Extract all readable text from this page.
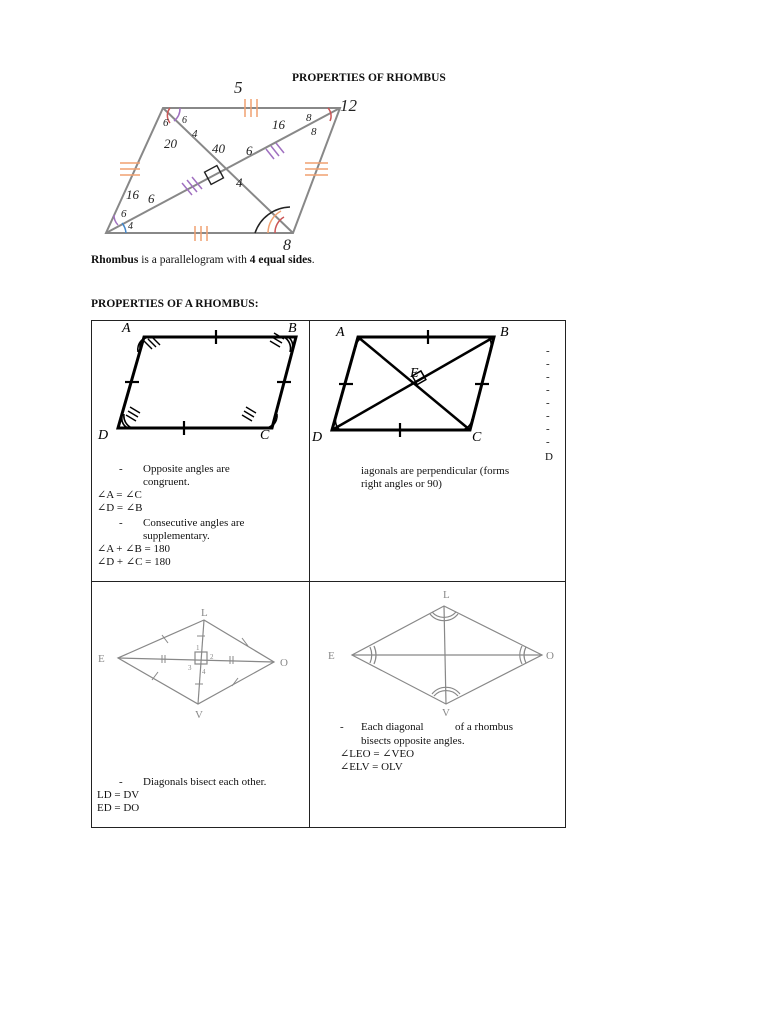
PROPERTIES OF RHOMBUS
5
12
8
20	40 6
16 8
16 6
6
4
4
8
6
4
6
Rhombus is a parallelogram with 4 equal sides.
PROPERTIES OF A RHOMBUS:
A	B
C
D
- Opposite angles are
congruent.
∠A = ∠C
∠D = ∠B
- Consecutive angles are
supplementary.
∠A + ∠B = 180
∠D + ∠C = 180
A	B
C
D
E
-
-
-
-
-
-
-
-
D
iagonals are perpendicular (forms
right angles or 90)
L
E	O
V
1
2
3 4
- Diagonals bisect each other.
LD = DV
ED = DO
L
E	O
V
- Each diagonal	of a rhombus
bisects opposite angles.
∠LEO = ∠VEO
∠ELV = OLV
